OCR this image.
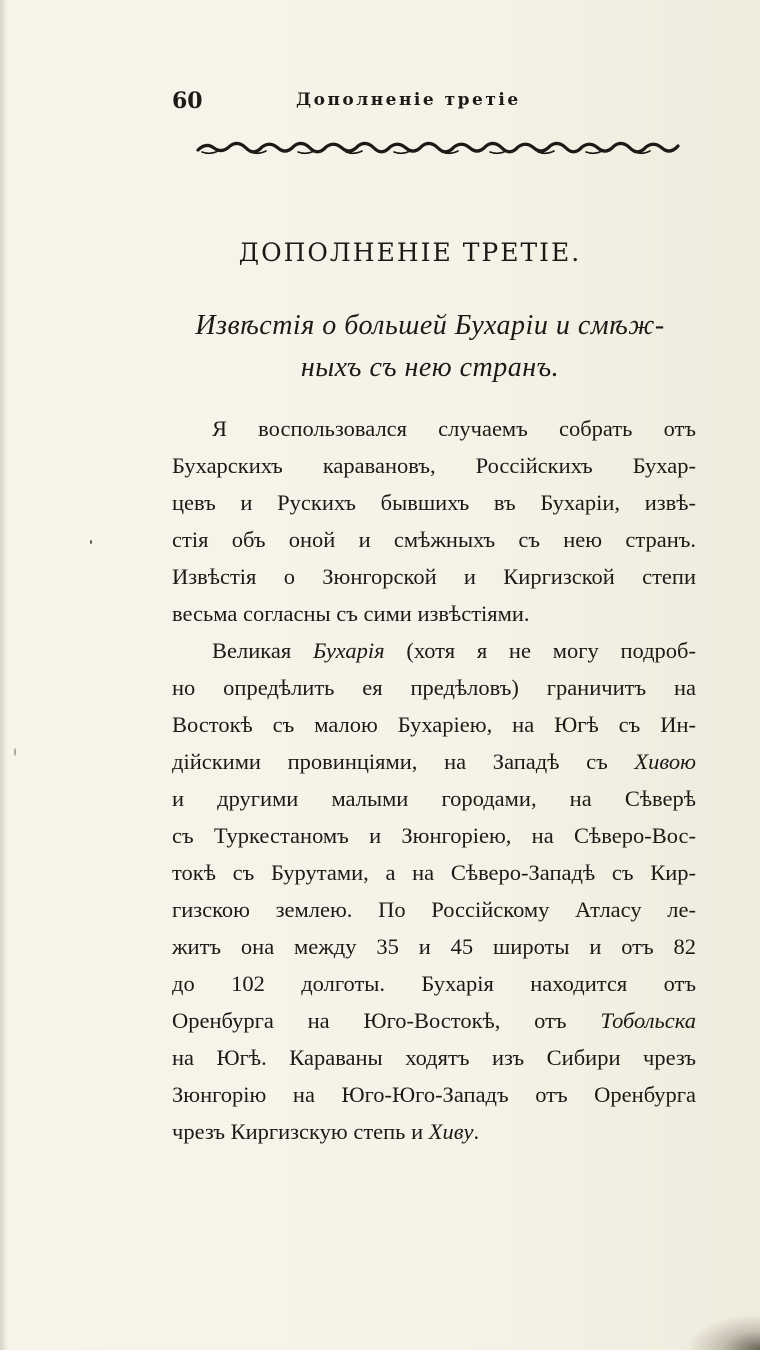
60	Дополненіе третіе
ДОПОЛНЕНІЕ ТРЕТІЕ.
Извѣстія о большей Бухаріи и смѣж-
ныхъ съ нею странъ.
Я воспользовался случаемъ собрать отъ
Бухарскихъ каравановъ, Россійскихъ Бухар-
цевъ и Рускихъ бывшихъ въ Бухаріи, извѣ-
стія объ оной и смѣжныхъ съ нею странъ.
Извѣстія о Зюнгорской и Киргизской степи
весьма согласны съ сими извѣстіями.
Великая Бухарія (хотя я не могу подроб-
но опредѣлить ея предѣловъ) граничитъ на
Востокѣ съ малою Бухаріею, на Югѣ съ Ин-
дійскими провинціями, на Западѣ съ Хивою
и другими малыми городами, на Сѣверѣ
съ Туркестаномъ и Зюнгоріею, на Сѣверо-Вос-
токѣ съ Бурутами, а на Сѣверо-Западѣ съ Кир-
гизскою землею. По Россійскому Атласу ле-
житъ она между 35 и 45 широты и отъ 82
до 102 долготы. Бухарія находится отъ
Оренбурга на Юго-Востокѣ, отъ Тобольска
на Югѣ. Караваны ходятъ изъ Сибири чрезъ
Зюнгорію на Юго-Юго-Западъ отъ Оренбурга
чрезъ Киргизскую степь и Хиву.
